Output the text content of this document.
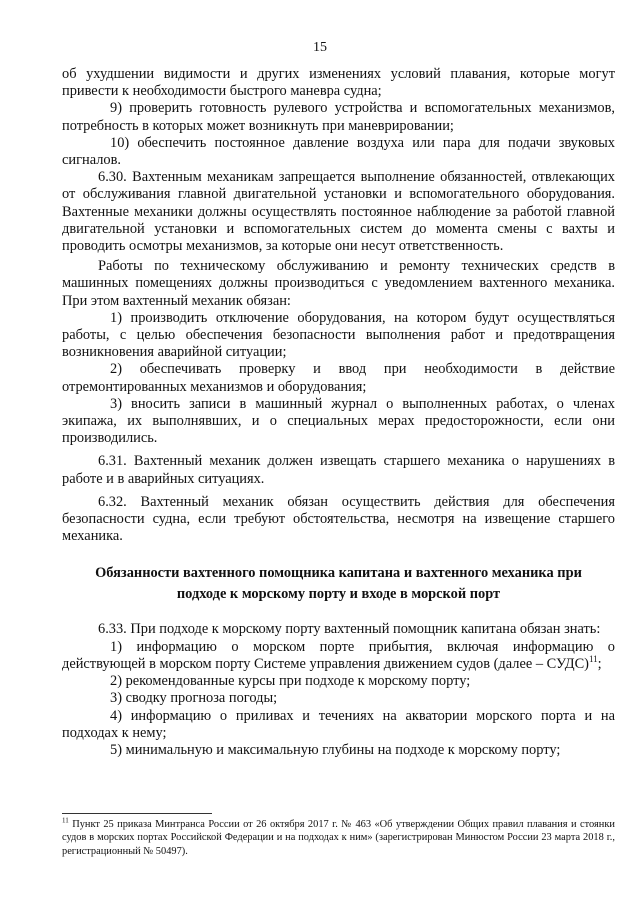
15

об ухудшении видимости и других изменениях условий плавания, которые могут привести к необходимости быстрого маневра судна;

9) проверить готовность рулевого устройства и вспомогательных механизмов, потребность в которых может возникнуть при маневрировании;

10) обеспечить постоянное давление воздуха или пара для подачи звуковых сигналов.

6.30. Вахтенным механикам запрещается выполнение обязанностей, отвлекающих от обслуживания главной двигательной установки и вспомогательного оборудования. Вахтенные механики должны осуществлять постоянное наблюдение за работой главной двигательной установки и вспомогательных систем до момента смены с вахты и проводить осмотры механизмов, за которые они несут ответственность.

Работы по техническому обслуживанию и ремонту технических средств в машинных помещениях должны производиться с уведомлением вахтенного механика. При этом вахтенный механик обязан:

1) производить отключение оборудования, на котором будут осуществляться работы, с целью обеспечения безопасности выполнения работ и предотвращения возникновения аварийной ситуации;

2) обеспечивать проверку и ввод при необходимости в действие отремонтированных механизмов и оборудования;

3) вносить записи в машинный журнал о выполненных работах, о членах экипажа, их выполнявших, и о специальных мерах предосторожности, если они производились.

6.31. Вахтенный механик должен извещать старшего механика о нарушениях в работе и в аварийных ситуациях.

6.32. Вахтенный механик обязан осуществить действия для обеспечения безопасности судна, если требуют обстоятельства, несмотря на извещение старшего механика.

Обязанности вахтенного помощника капитана и вахтенного механика при
подходе к морскому порту и входе в морской порт

6.33. При подходе к морскому порту вахтенный помощник капитана обязан знать:

1) информацию о морском порте прибытия, включая информацию о действующей в морском порту Системе управления движением судов (далее – СУДС)$^{11}$;

2) рекомендованные курсы при подходе к морскому порту;

3) сводку прогноза погоды;

4) информацию о приливах и течениях на акватории морского порта и на подходах к нему;

5) минимальную и максимальную глубины на подходе к морскому порту;

$^{11}$ Пункт 25 приказа Минтранса России от 26 октября 2017 г. № 463 «Об утверждении Общих правил плавания и стоянки судов в морских портах Российской Федерации и на подходах к ним» (зарегистрирован Минюстом России 23 марта 2018 г., регистрационный № 50497).
